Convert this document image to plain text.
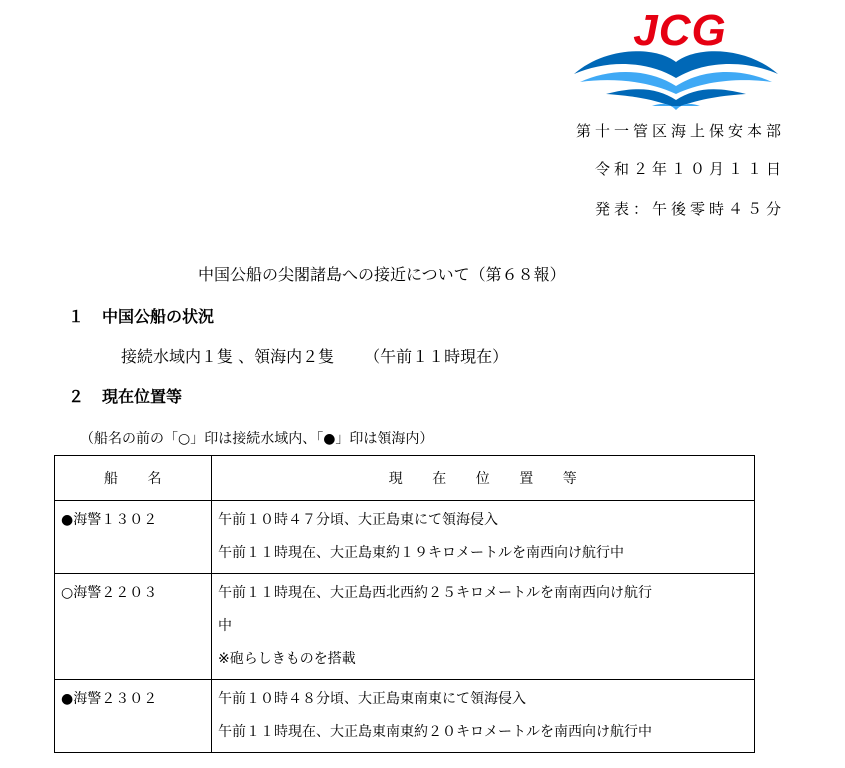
JCG
第十一管区海上保安本部
令和２年１０月１１日
発表：午後零時４５分
中国公船の尖閣諸島への接近について（第６８報）
１ 中国公船の状況
接続水域内１隻 、領海内２隻 （午前１１時現在）
２ 現在位置等
（船名の前の「○」印は接続水域内、「●」印は領海内）
船　　名	現　　在　　位　　置　　等
●海警１３０２	午前１０時４７分頃、大正島東にて領海侵入
午前１１時現在、大正島東約１９キロメートルを南西向け航行中

○海警２２０３	午前１１時現在、大正島西北西約２５キロメートルを南南西向け航行
中
※砲らしきものを搭載

●海警２３０２	午前１０時４８分頃、大正島東南東にて領海侵入
午前１１時現在、大正島東南東約２０キロメートルを南西向け航行中
